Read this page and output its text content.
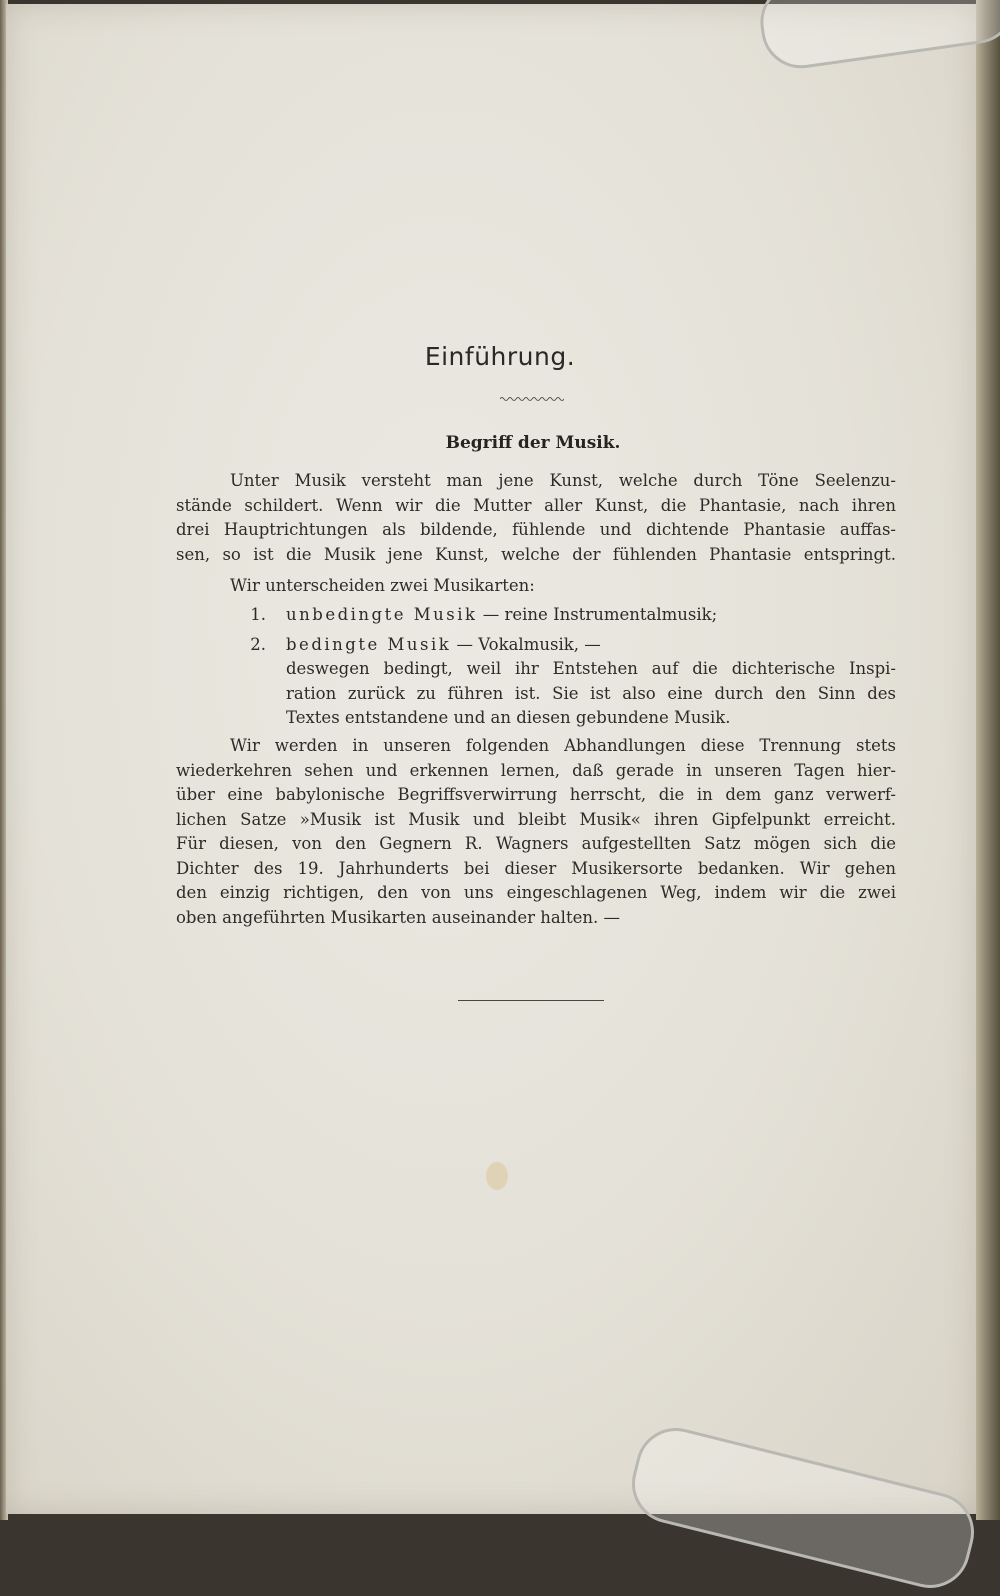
Einführung.
Begriff der Musik.
Unter Musik versteht man jene Kunst, welche durch Töne Seelenzu-
stände schildert. Wenn wir die Mutter aller Kunst, die Phantasie, nach ihren
drei Hauptrichtungen als bildende, fühlende und dichtende Phantasie auffas-
sen, so ist die Musik jene Kunst, welche der fühlenden Phantasie entspringt.
Wir unterscheiden zwei Musikarten:
1.	unbedingte Musik — reine Instrumentalmusik;
2.	bedingte Musik — Vokalmusik, —
deswegen bedingt, weil ihr Entstehen auf die dichterische Inspi-
ration zurück zu führen ist. Sie ist also eine durch den Sinn des
Textes entstandene und an diesen gebundene Musik.
Wir werden in unseren folgenden Abhandlungen diese Trennung stets
wiederkehren sehen und erkennen lernen, daß gerade in unseren Tagen hier-
über eine babylonische Begriffsverwirrung herrscht, die in dem ganz verwerf-
lichen Satze »Musik ist Musik und bleibt Musik« ihren Gipfelpunkt erreicht.
Für diesen, von den Gegnern R. Wagners aufgestellten Satz mögen sich die
Dichter des 19. Jahrhunderts bei dieser Musikersorte bedanken. Wir gehen
den einzig richtigen, den von uns eingeschlagenen Weg, indem wir die zwei
oben angeführten Musikarten auseinander halten. —
